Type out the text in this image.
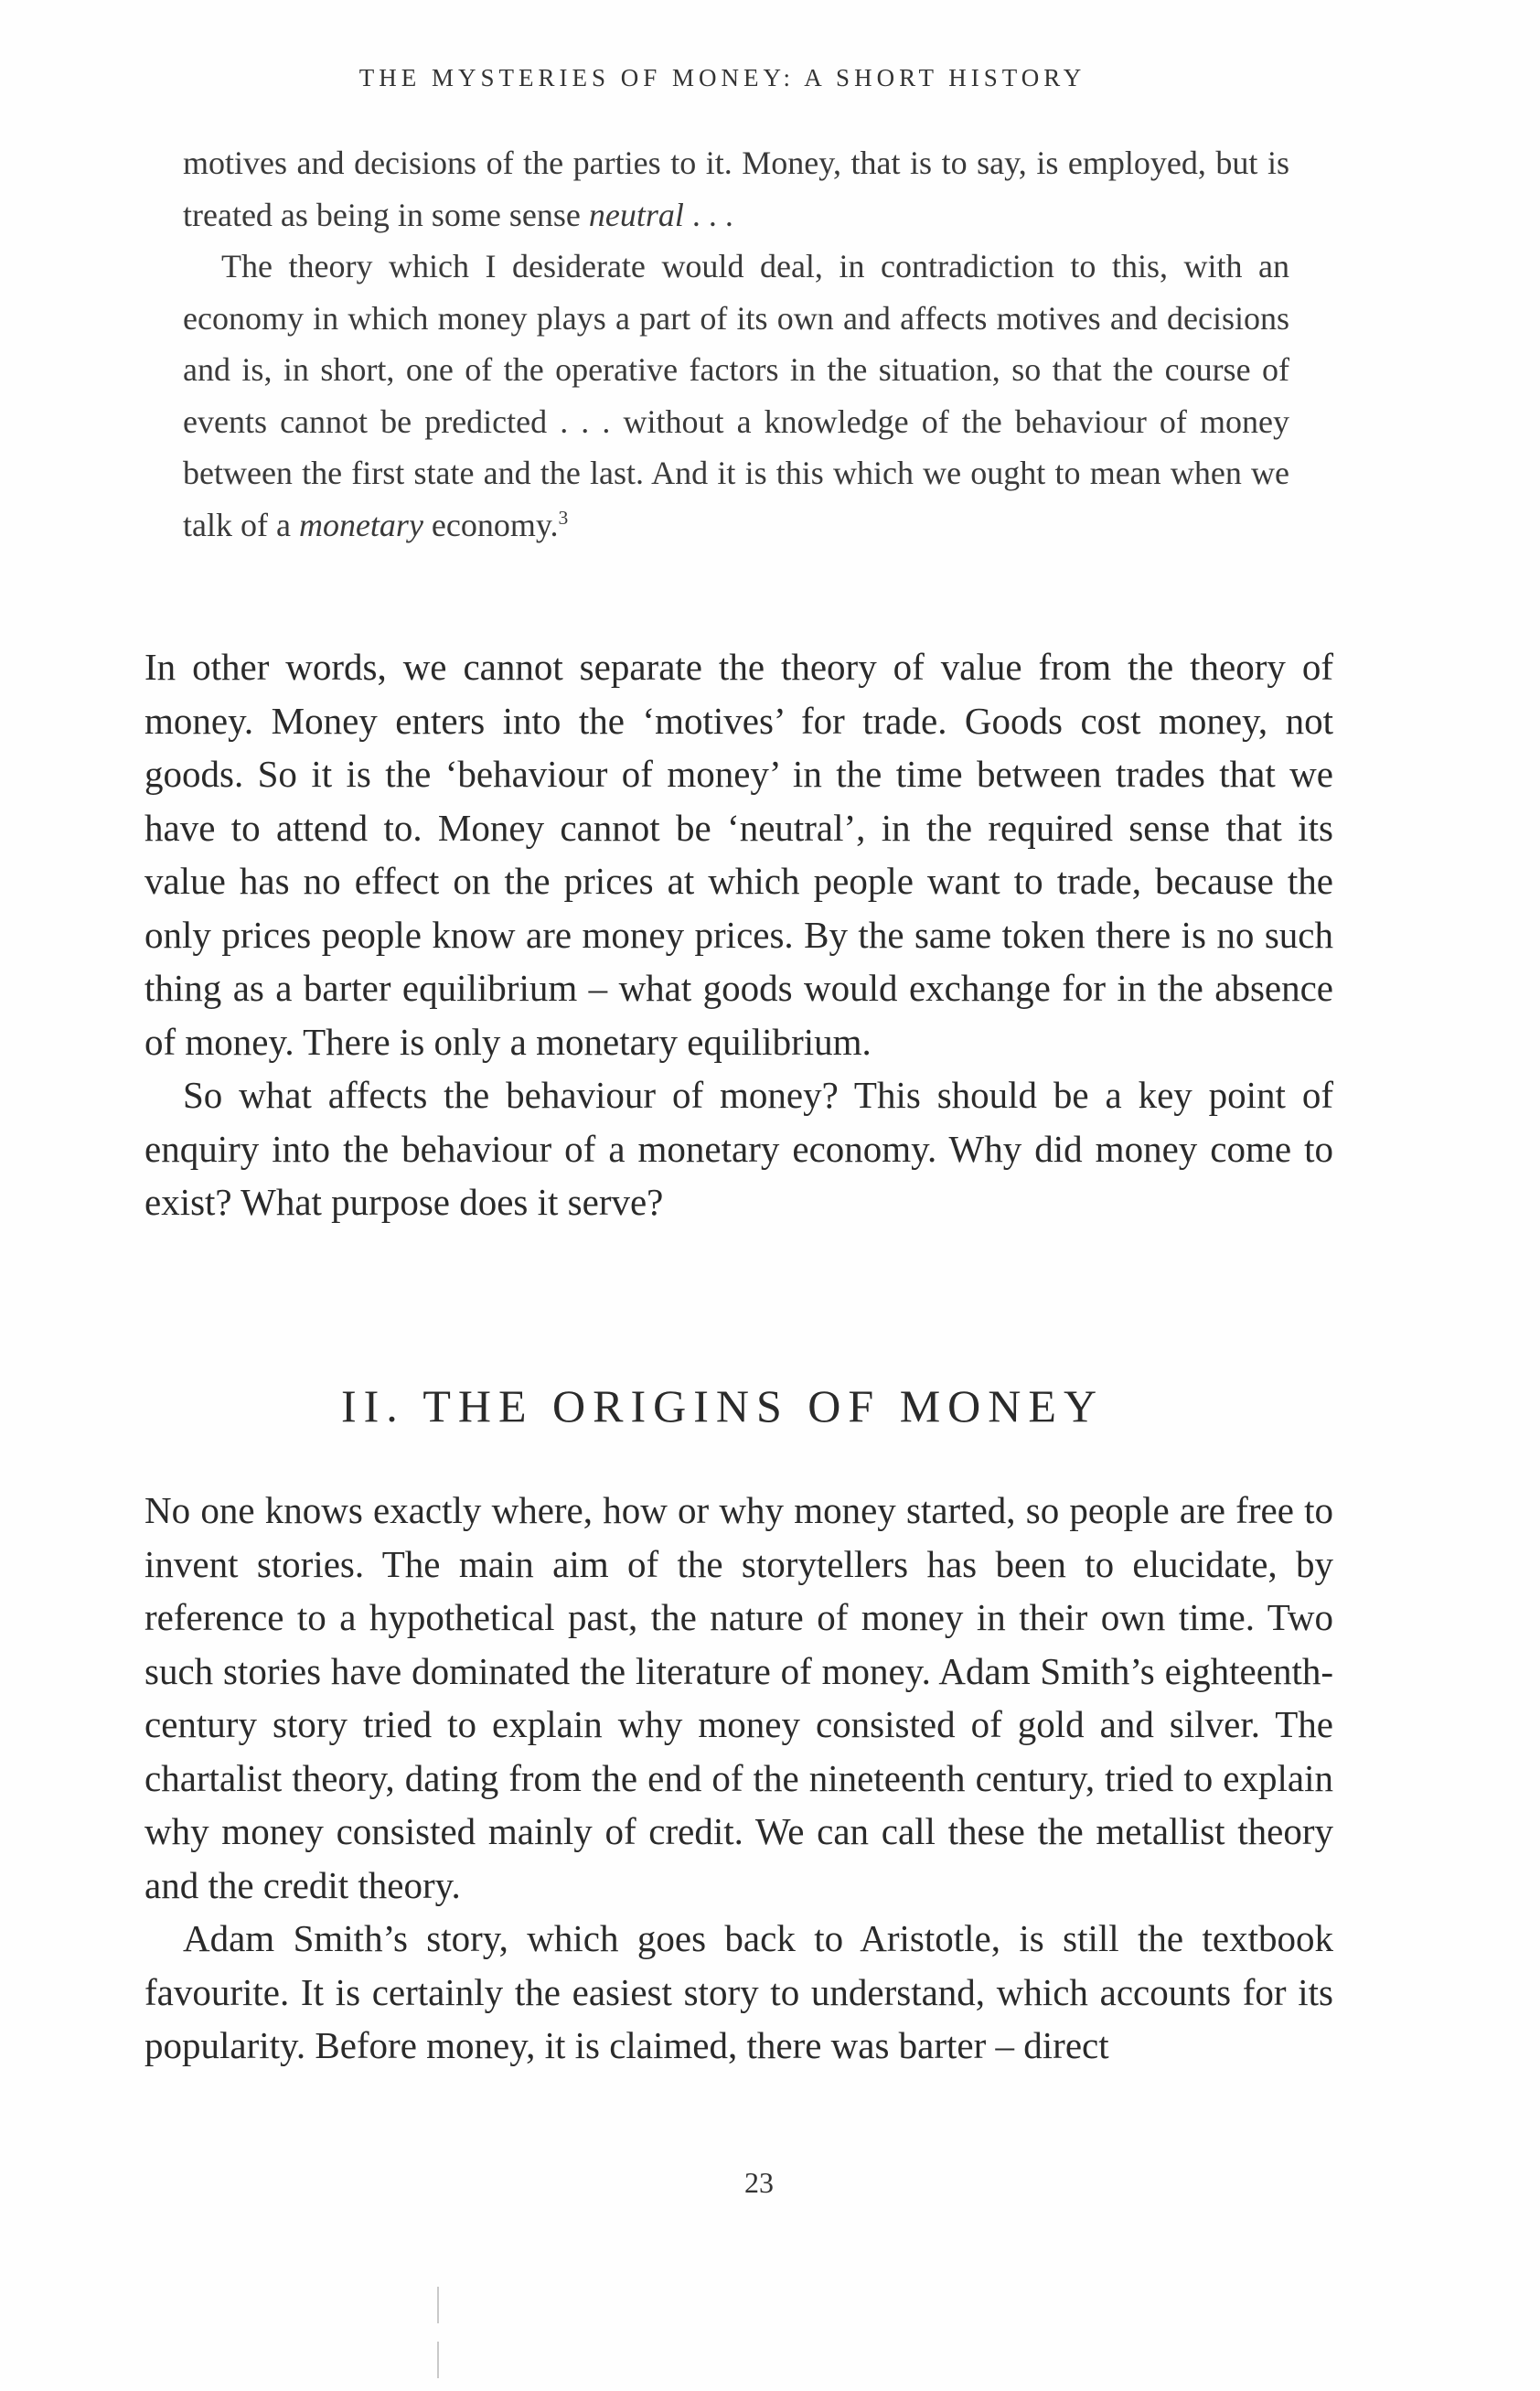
THE MYSTERIES OF MONEY: A SHORT HISTORY

motives and decisions of the parties to it. Money, that is to say, is employed, but is treated as being in some sense neutral . . .

The theory which I desiderate would deal, in contradiction to this, with an economy in which money plays a part of its own and affects motives and decisions and is, in short, one of the operative factors in the situation, so that the course of events cannot be predicted . . . without a knowledge of the behaviour of money between the first state and the last. And it is this which we ought to mean when we talk of a monetary economy.$^3$

In other words, we cannot separate the theory of value from the theory of money. Money enters into the ‘motives’ for trade. Goods cost money, not goods. So it is the ‘behaviour of money’ in the time between trades that we have to attend to. Money cannot be ‘neutral’, in the required sense that its value has no effect on the prices at which people want to trade, because the only prices people know are money prices. By the same token there is no such thing as a barter equilibrium – what goods would exchange for in the absence of money. There is only a monetary equilibrium.

So what affects the behaviour of money? This should be a key point of enquiry into the behaviour of a monetary economy. Why did money come to exist? What purpose does it serve?

II. THE ORIGINS OF MONEY

No one knows exactly where, how or why money started, so people are free to invent stories. The main aim of the storytellers has been to elucidate, by reference to a hypothetical past, the nature of money in their own time. Two such stories have dominated the literature of money. Adam Smith’s eighteenth-century story tried to explain why money consisted of gold and silver. The chartalist theory, dating from the end of the nineteenth century, tried to explain why money consisted mainly of credit. We can call these the metallist theory and the credit theory.

Adam Smith’s story, which goes back to Aristotle, is still the textbook favourite. It is certainly the easiest story to understand, which accounts for its popularity. Before money, it is claimed, there was barter – direct

23
